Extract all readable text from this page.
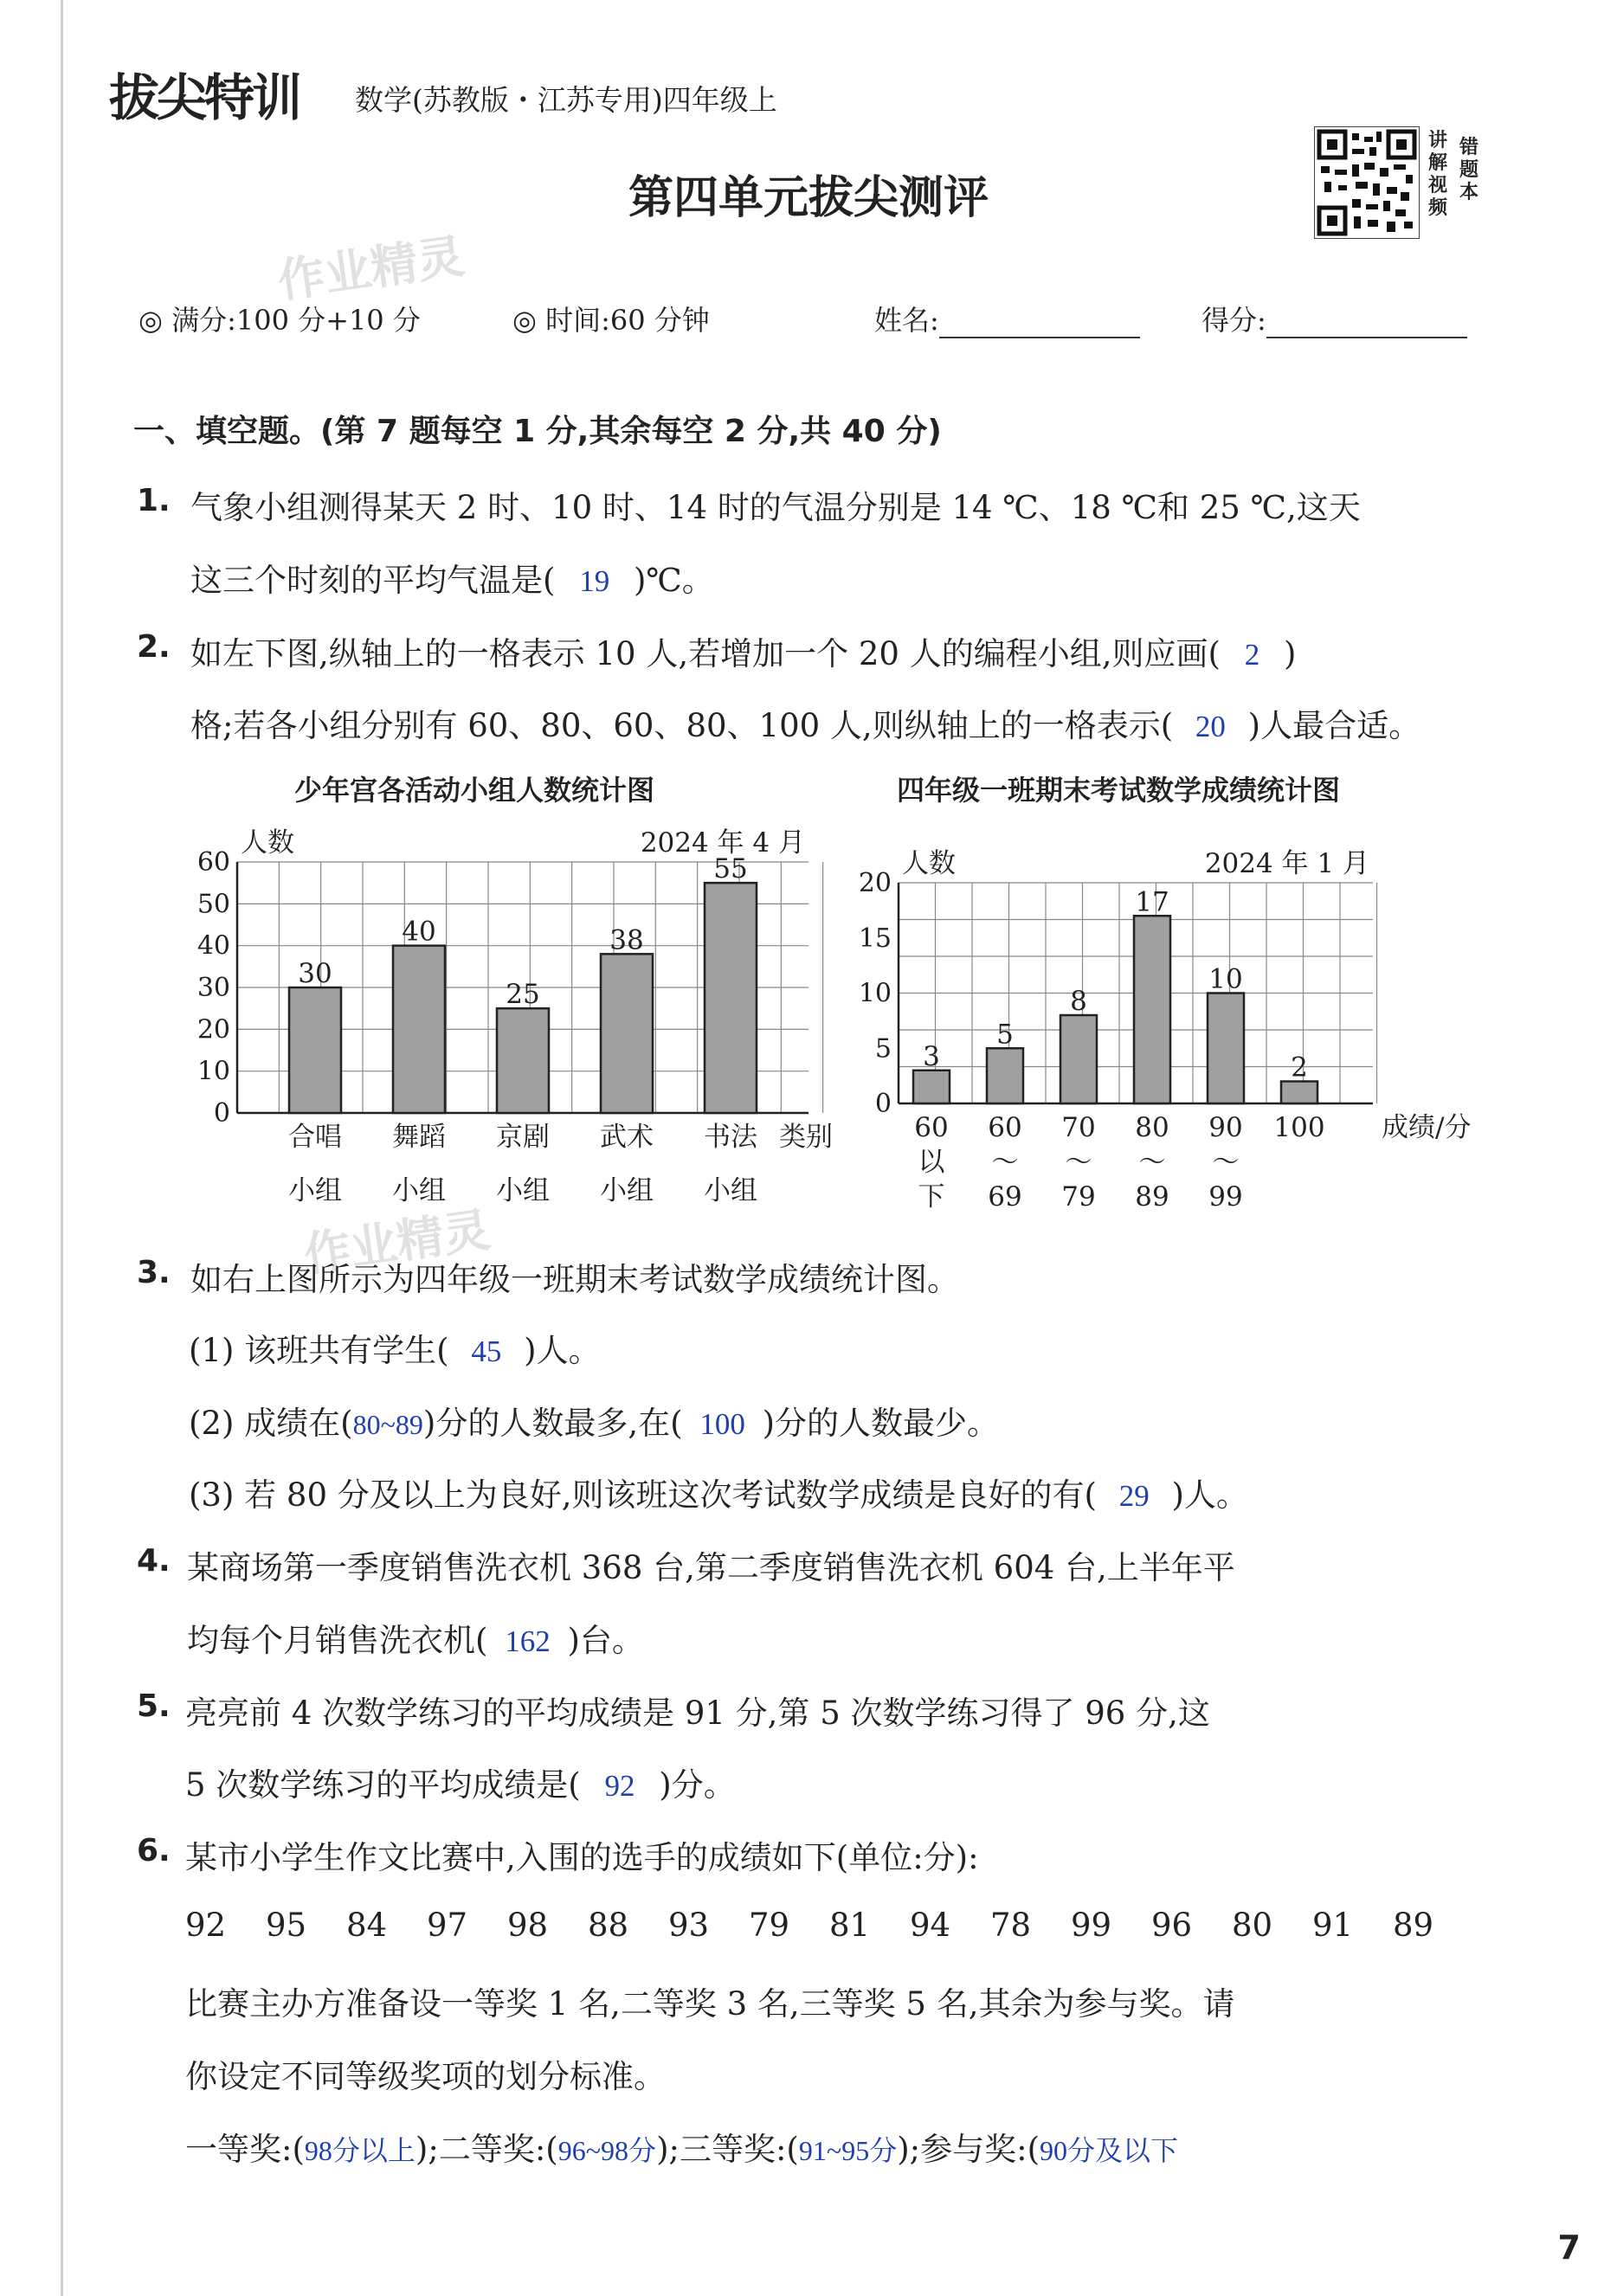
拔尖特训 数学(苏教版・江苏专用)四年级上
讲解视频
错题本
第四单元拔尖测评
作业精灵
作业精灵
◎ 满分:100 分+10 分	◎ 时间:60 分钟	姓名:	得分:
一、填空题。(第 7 题每空 1 分,其余每空 2 分,共 40 分)
1. 气象小组测得某天 2 时、10 时、14 时的气温分别是 14 ℃、18 ℃和 25 ℃,这天
这三个时刻的平均气温是( 19 )℃。
2. 如左下图,纵轴上的一格表示 10 人,若增加一个 20 人的编程小组,则应画( 2 )
格;若各小组分别有 60、80、60、80、100 人,则纵轴上的一格表示( 20 )人最合适。
少年宫各活动小组人数统计图
0
10
20
30
40
50
60
人数	2024 年 4 月
类别
30
合唱
小组
40
舞蹈
小组
25
京剧
小组
38
武术
小组
55
书法
小组
四年级一班期末考试数学成绩统计图
0
5
10
15
20
人数	2024 年 1 月
成绩/分
3
60
以
下
5
60
～
69
8
70
～
79
17
80
～
89
10
90
～
99
2
100
3. 如右上图所示为四年级一班期末考试数学成绩统计图。
(1) 该班共有学生( 45 )人。
(2) 成绩在(80~89)分的人数最多,在( 100 )分的人数最少。
(3) 若 80 分及以上为良好,则该班这次考试数学成绩是良好的有( 29 )人。
4. 某商场第一季度销售洗衣机 368 台,第二季度销售洗衣机 604 台,上半年平
均每个月销售洗衣机( 162 )台。
5. 亮亮前 4 次数学练习的平均成绩是 91 分,第 5 次数学练习得了 96 分,这
5 次数学练习的平均成绩是( 92 )分。
6. 某市小学生作文比赛中,入围的选手的成绩如下(单位:分):
92 95 84 97 98 88 93 79 81 94 78 99 96 80 91 89
比赛主办方准备设一等奖 1 名,二等奖 3 名,三等奖 5 名,其余为参与奖。请
你设定不同等级奖项的划分标准。
一等奖:(98分以上);二等奖:(96~98分);三等奖:(91~95分);参与奖:(90分及以下
7
